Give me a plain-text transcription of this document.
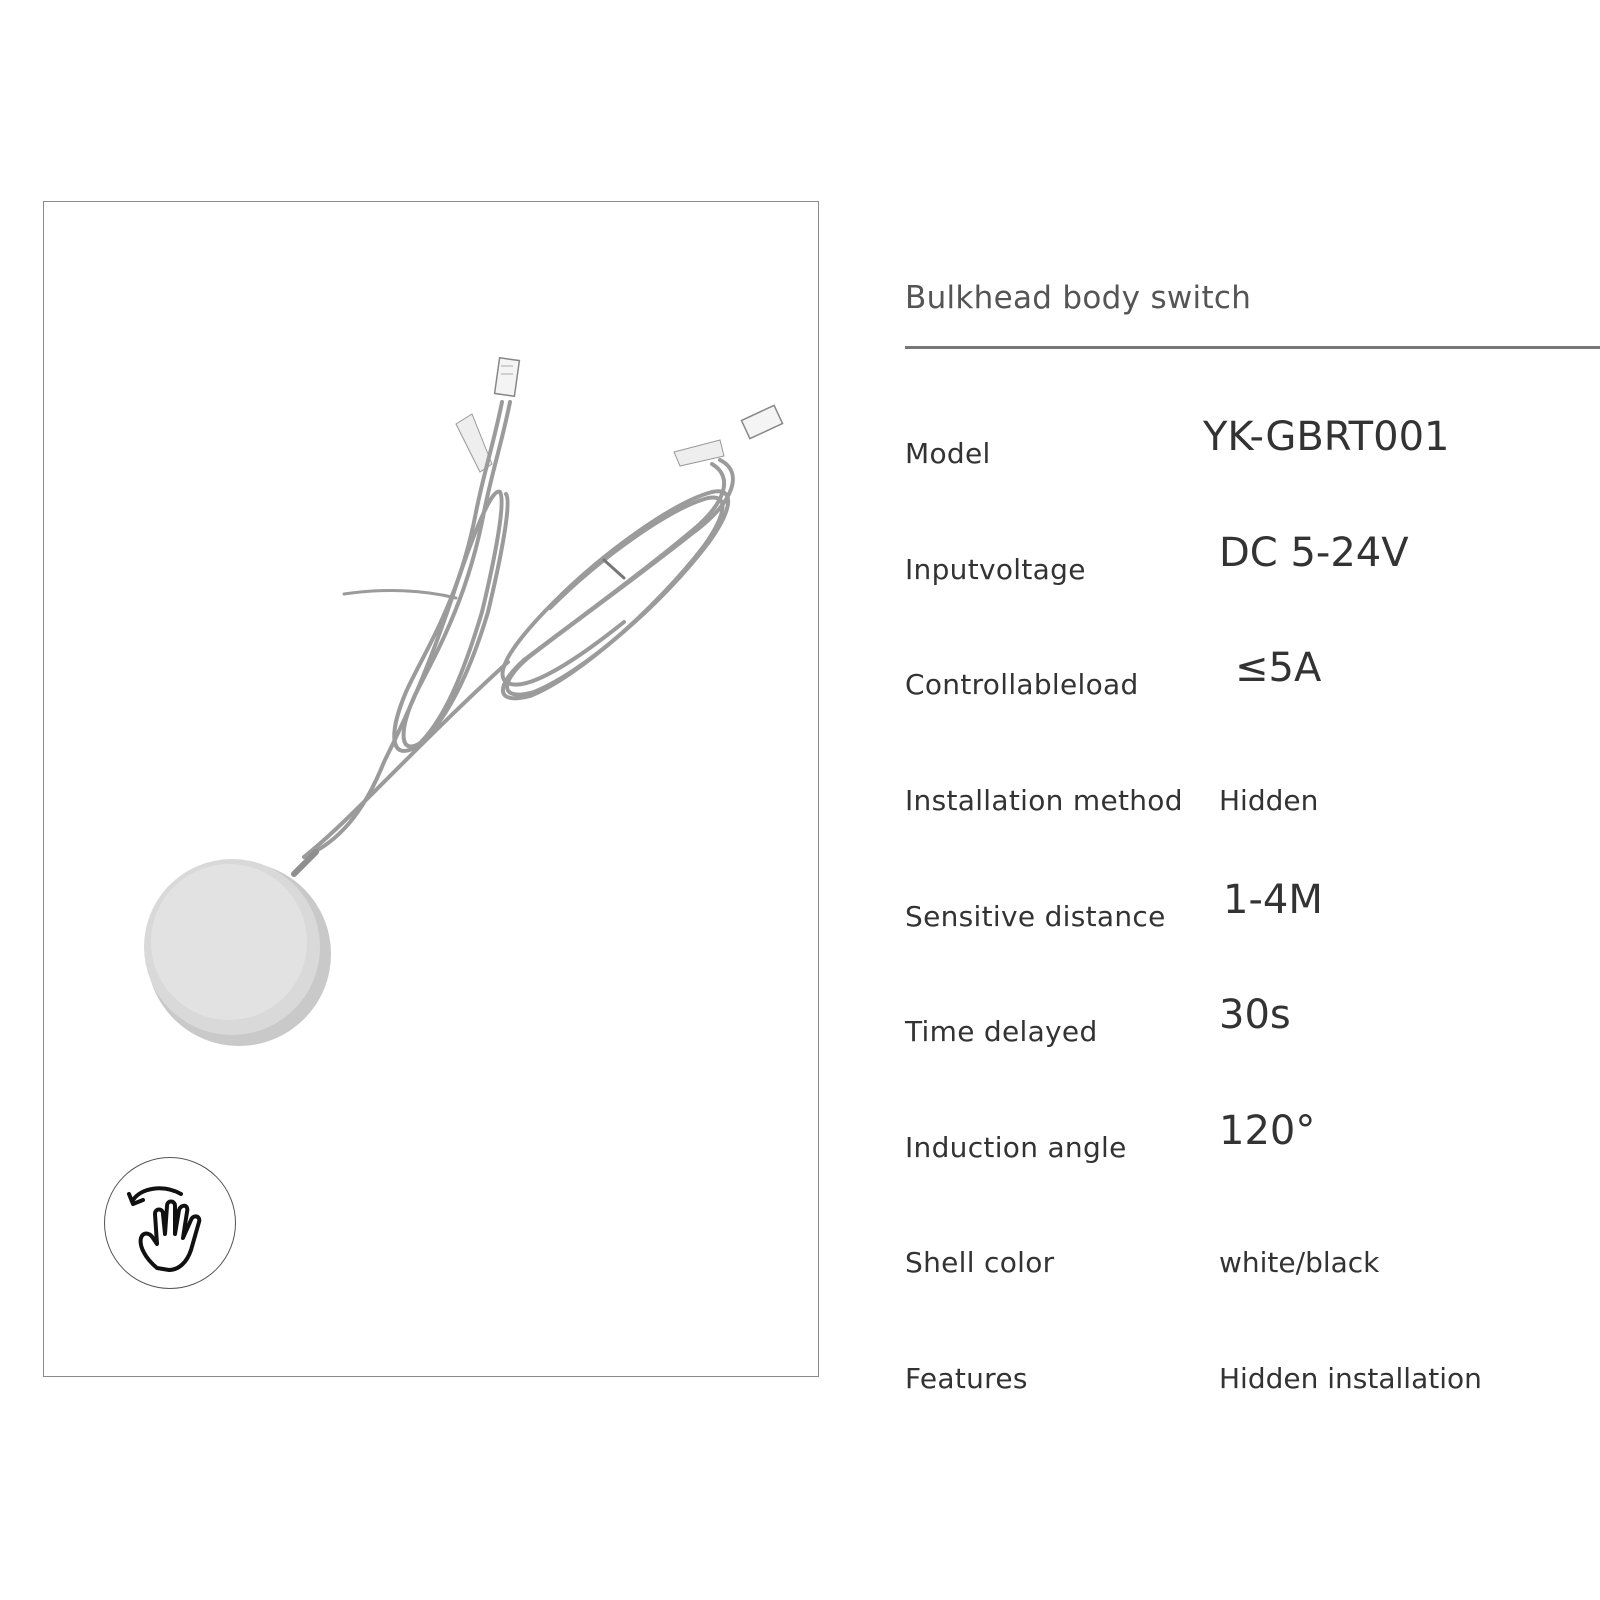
Bulkhead body switch
Model	YK-GBRT001
Inputvoltage	DC 5-24V
Controllableload ≤5A
Installation method Hidden
Sensitive distance 1-4M
Time delayed	30s
Induction angle 120°
Shell color	white/black
Features	Hidden installation
